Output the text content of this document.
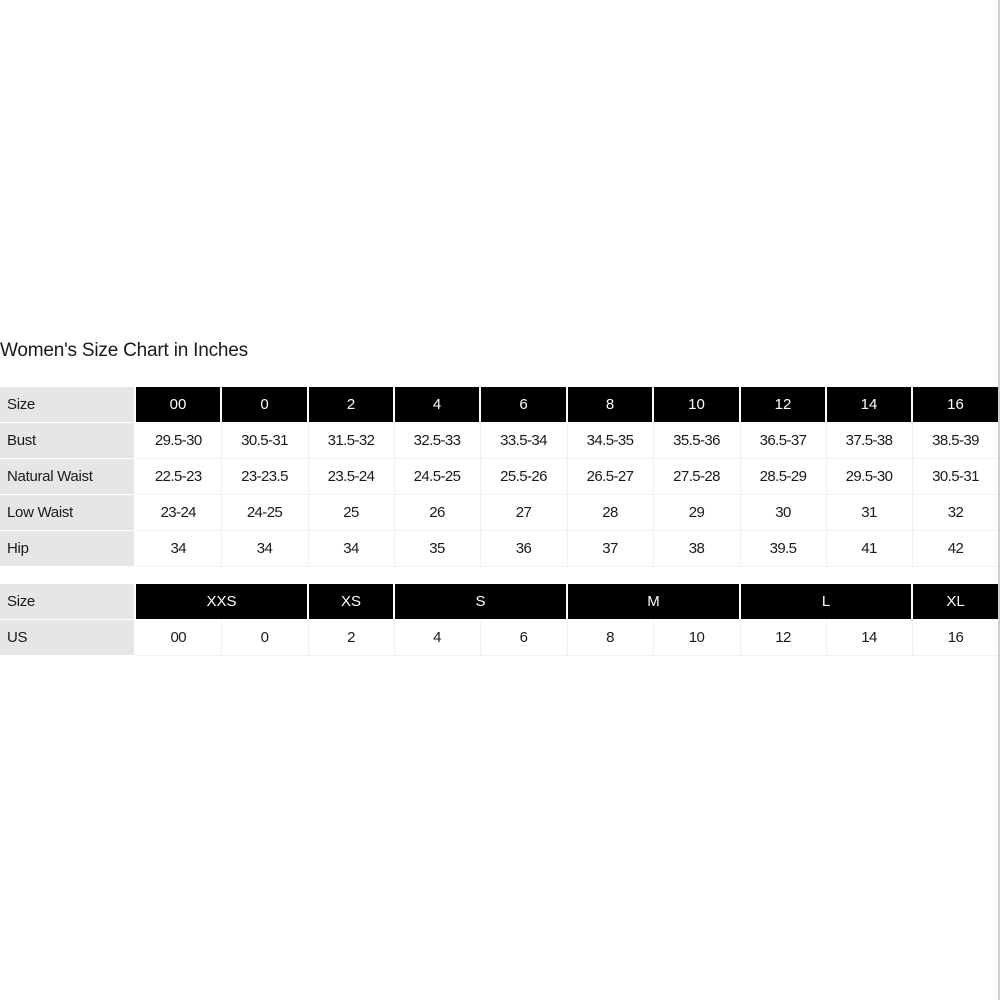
Women's Size Chart in Inches
Size	00	0	2	4	6	8	10	12	14	16
Bust	29.5-30	30.5-31	31.5-32	32.5-33	33.5-34	34.5-35	35.5-36	36.5-37	37.5-38	38.5-39
Natural Waist	22.5-23	23-23.5	23.5-24	24.5-25	25.5-26	26.5-27	27.5-28	28.5-29	29.5-30	30.5-31
Low Waist	23-24	24-25	25	26	27	28	29	30	31	32
Hip	34	34	34	35	36	37	38	39.5	41	42
Size	XXS		XS	S		M		L		XL
US	00	0	2	4	6	8	10	12	14	16
